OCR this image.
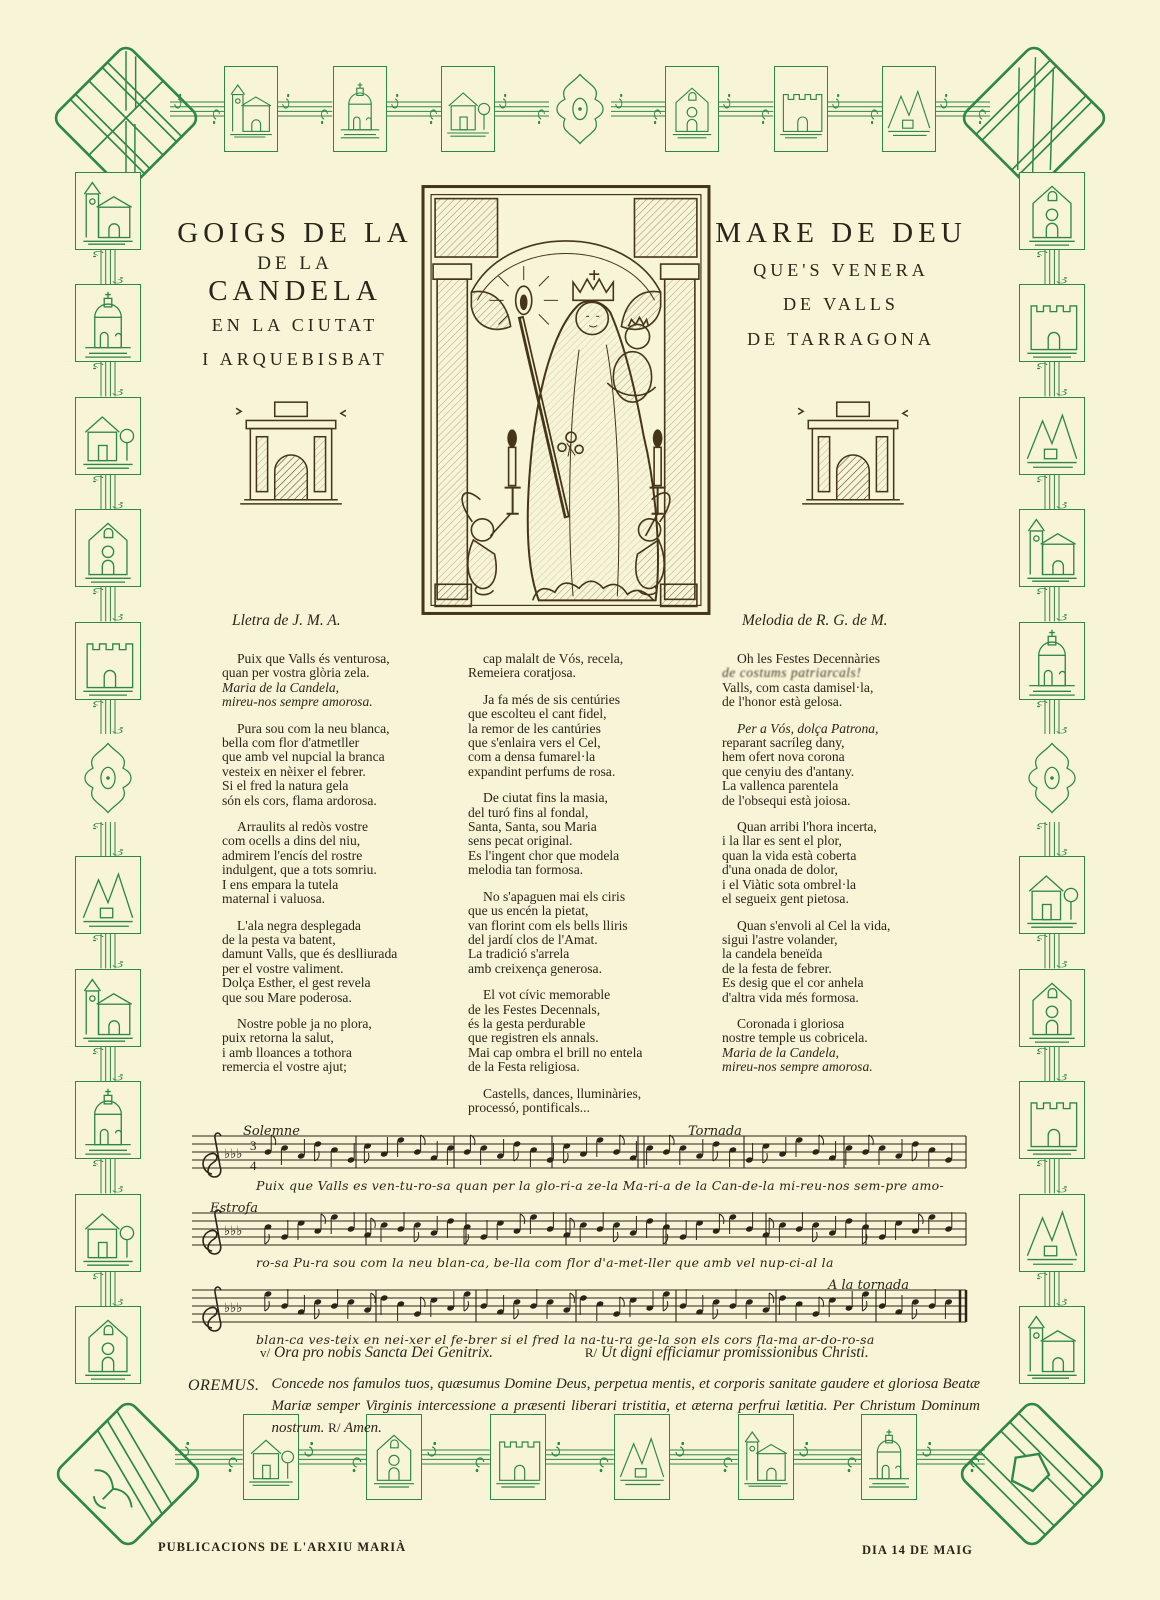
GOIGS DE LA
DE LA CANDELA
EN LA CIUTAT
I ARQUEBISBAT
MARE DE DEU
QUE'S VENERA
DE VALLS
DE TARRAGONA
Lletra de J. M. A.	Melodia de R. G. de M.

Puix que Valls és venturosa,
quan per vostra glòria zela.
Maria de la Candela,
mireu-nos sempre amorosa.

Pura sou com la neu blanca,
bella com flor d'atmetller
que amb vel nupcial la branca
vesteix en nèixer el febrer.
Si el fred la natura gela
són els cors, flama ardorosa.

Arraulits al redòs vostre
com ocells a dins del niu,
admirem l'encís del rostre
indulgent, que a tots somriu.
I ens empara la tutela
maternal i valuosa.

L'ala negra desplegada
de la pesta va batent,
damunt Valls, que és deslliurada
per el vostre valiment.
Dolça Esther, el gest revela
que sou Mare poderosa.

Nostre poble ja no plora,
puix retorna la salut,
i amb lloances a tothora
remercia el vostre ajut;

cap malalt de Vós, recela,
Remeiera coratjosa.

Ja fa més de sis centúries
que escolteu el cant fidel,
la remor de les cantúries
que s'enlaira vers el Cel,
com a densa fumarel·la
expandint perfums de rosa.

De ciutat fins la masia,
del turó fins al fondal,
Santa, Santa, sou Maria
sens pecat original.
Es l'ingent chor que modela
melodia tan formosa.

No s'apaguen mai els ciris
que us encén la pietat,
van florint com els bells lliris
del jardí clos de l'Amat.
La tradició s'arrela
amb creixença generosa.

El vot cívic memorable
de les Festes Decennals,
és la gesta perdurable
que registren els annals.
Mai cap ombra el brill no entela
de la Festa religiosa.

Castells, dances, lluminàries,
processó, pontificals...

Oh les Festes Decennàries
de costums patriarcals!
Valls, com casta damisel·la,
de l'honor està gelosa.

Per a Vós, dolça Patrona,
reparant sacríleg dany,
hem ofert nova corona
que cenyiu des d'antany.
La vallenca parentela
de l'obsequi està joiosa.

Quan arribi l'hora incerta,
i la llar es sent el plor,
quan la vida està coberta
d'una onada de dolor,
i el Viàtic sota ombrel·la
el segueix gent pietosa.

Quan s'envoli al Cel la vida,
sigui l'astre volander,
la candela beneïda
de la festa de febrer.
Es desig que el cor anhela
d'altra vida més formosa.

Coronada i gloriosa
nostre temple us cobricela.
Maria de la Candela,
mireu-nos sempre amorosa.

Solemne	Tornada
♭♭♭
3
4
Puix que Valls es ven-tu-ro-sa quan per la glo-ri-a ze-la Ma-ri-a de la Can-de-la mi-reu-nos sem-pre amo-
Estrofa
♭♭♭
ro-sa Pu-ra sou com la neu blan-ca, be-lla com flor d'a-met-ller que amb vel nup-ci-al la
A la tornada
♭♭♭
blan-ca ves-teix en nei-xer el fe-brer si el fred la na-tu-ra ge-la son els cors fla-ma ar-do-ro-sa
v/ Ora pro nobis Sancta Dei Genitrix.	R/ Ut digni efficiamur promissionibus Christi.
OREMUS. Concede nos famulos tuos, quæsumus Domine Deus, perpetua mentis, et corporis sanitate gaudere et gloriosa Beatæ Mariæ semper Virginis intercessione a præsenti liberari tristitia, et æterna perfrui lætitia. Per Christum Dominum nostrum. R/ Amen.
PUBLICACIONS DE L'ARXIU MARIÀ	DIA 14 DE MAIG
